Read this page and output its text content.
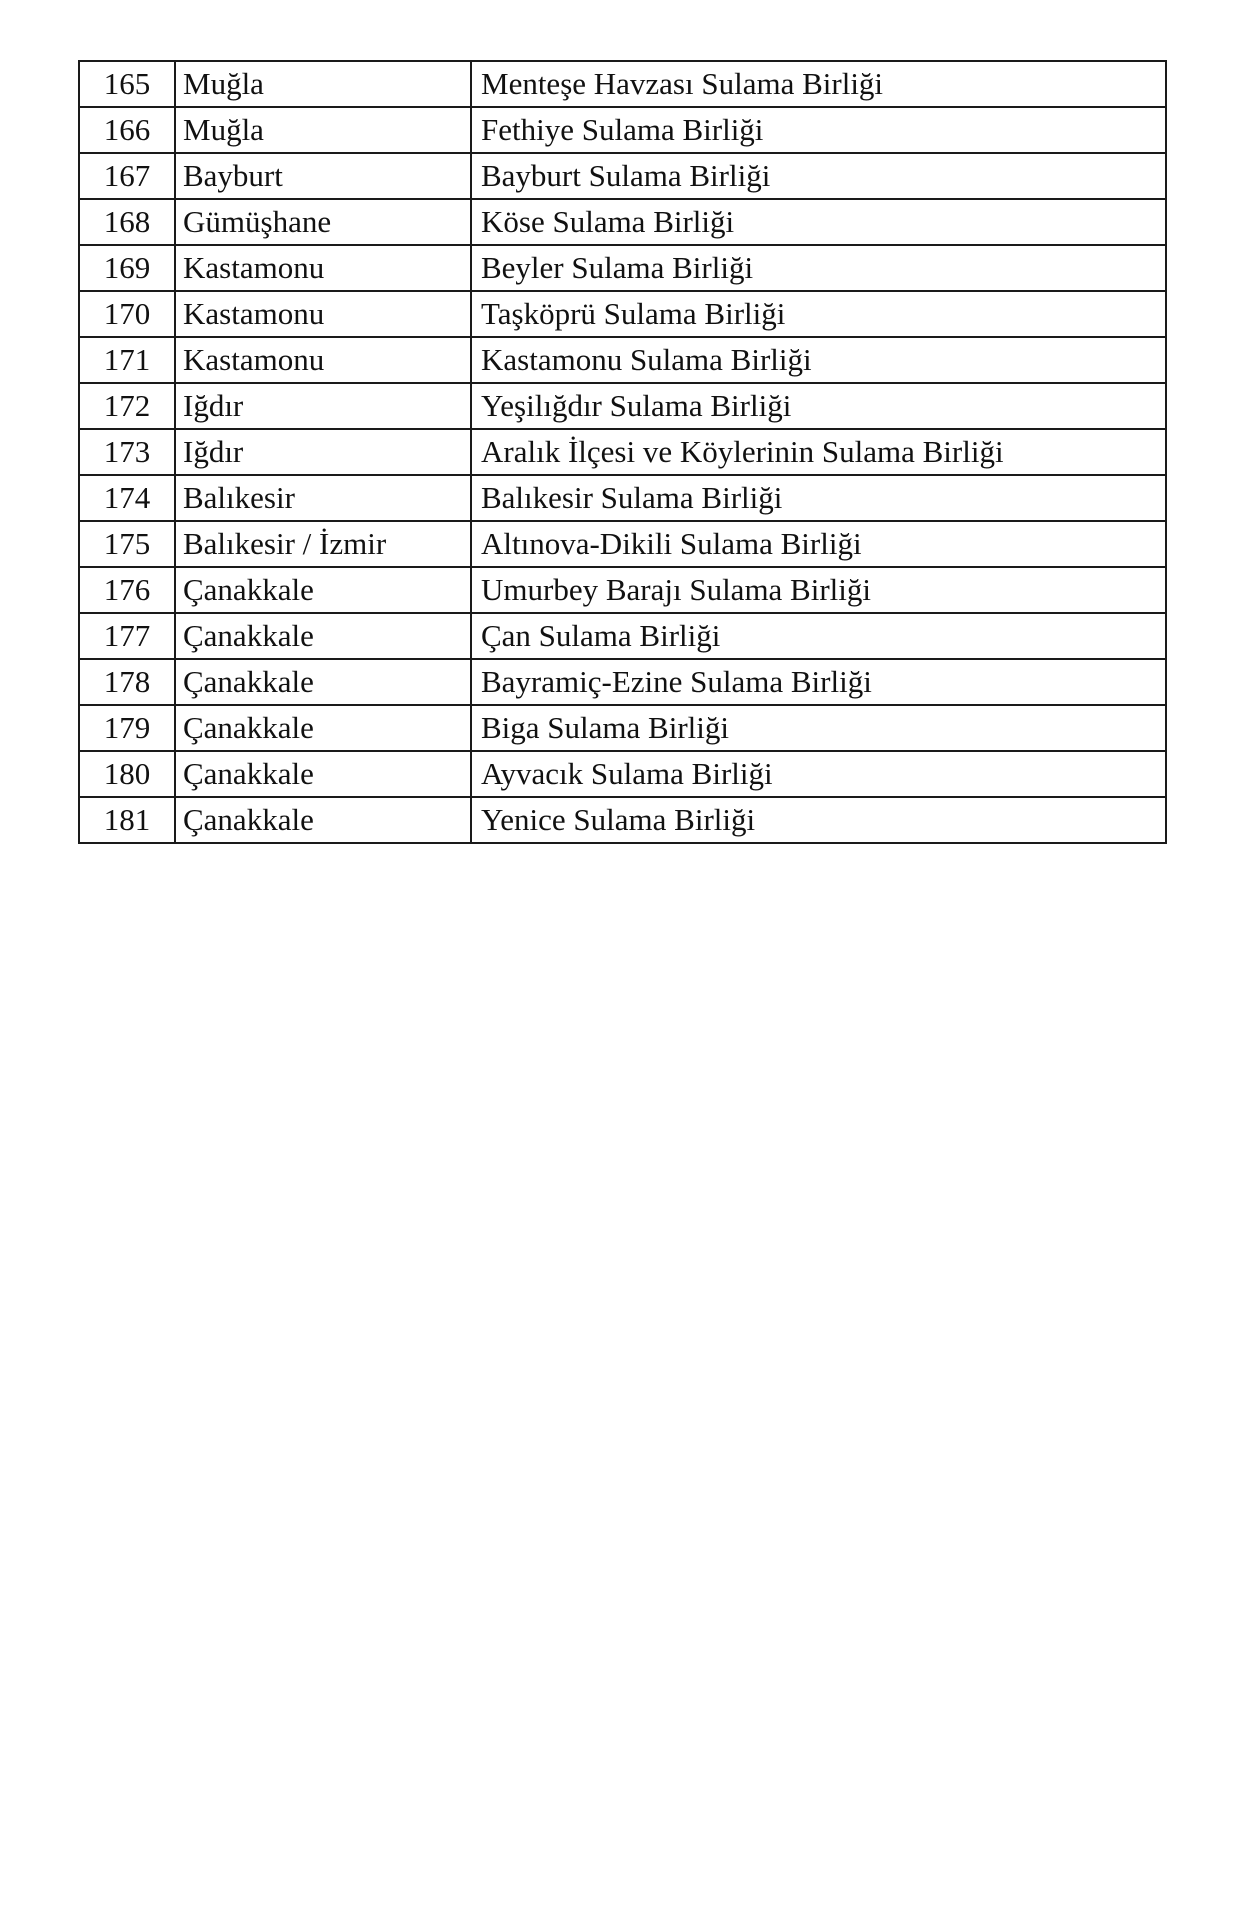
165	Muğla	Menteşe Havzası Sulama Birliği
166	Muğla	Fethiye Sulama Birliği
167	Bayburt	Bayburt Sulama Birliği
168	Gümüşhane	Köse Sulama Birliği
169	Kastamonu	Beyler Sulama Birliği
170	Kastamonu	Taşköprü Sulama Birliği
171	Kastamonu	Kastamonu Sulama Birliği
172	Iğdır	Yeşilığdır Sulama Birliği
173	Iğdır	Aralık İlçesi ve Köylerinin Sulama Birliği
174	Balıkesir	Balıkesir Sulama Birliği
175	Balıkesir / İzmir	Altınova-Dikili Sulama Birliği
176	Çanakkale	Umurbey Barajı Sulama Birliği
177	Çanakkale	Çan Sulama Birliği
178	Çanakkale	Bayramiç-Ezine Sulama Birliği
179	Çanakkale	Biga Sulama Birliği
180	Çanakkale	Ayvacık Sulama Birliği
181	Çanakkale	Yenice Sulama Birliği
